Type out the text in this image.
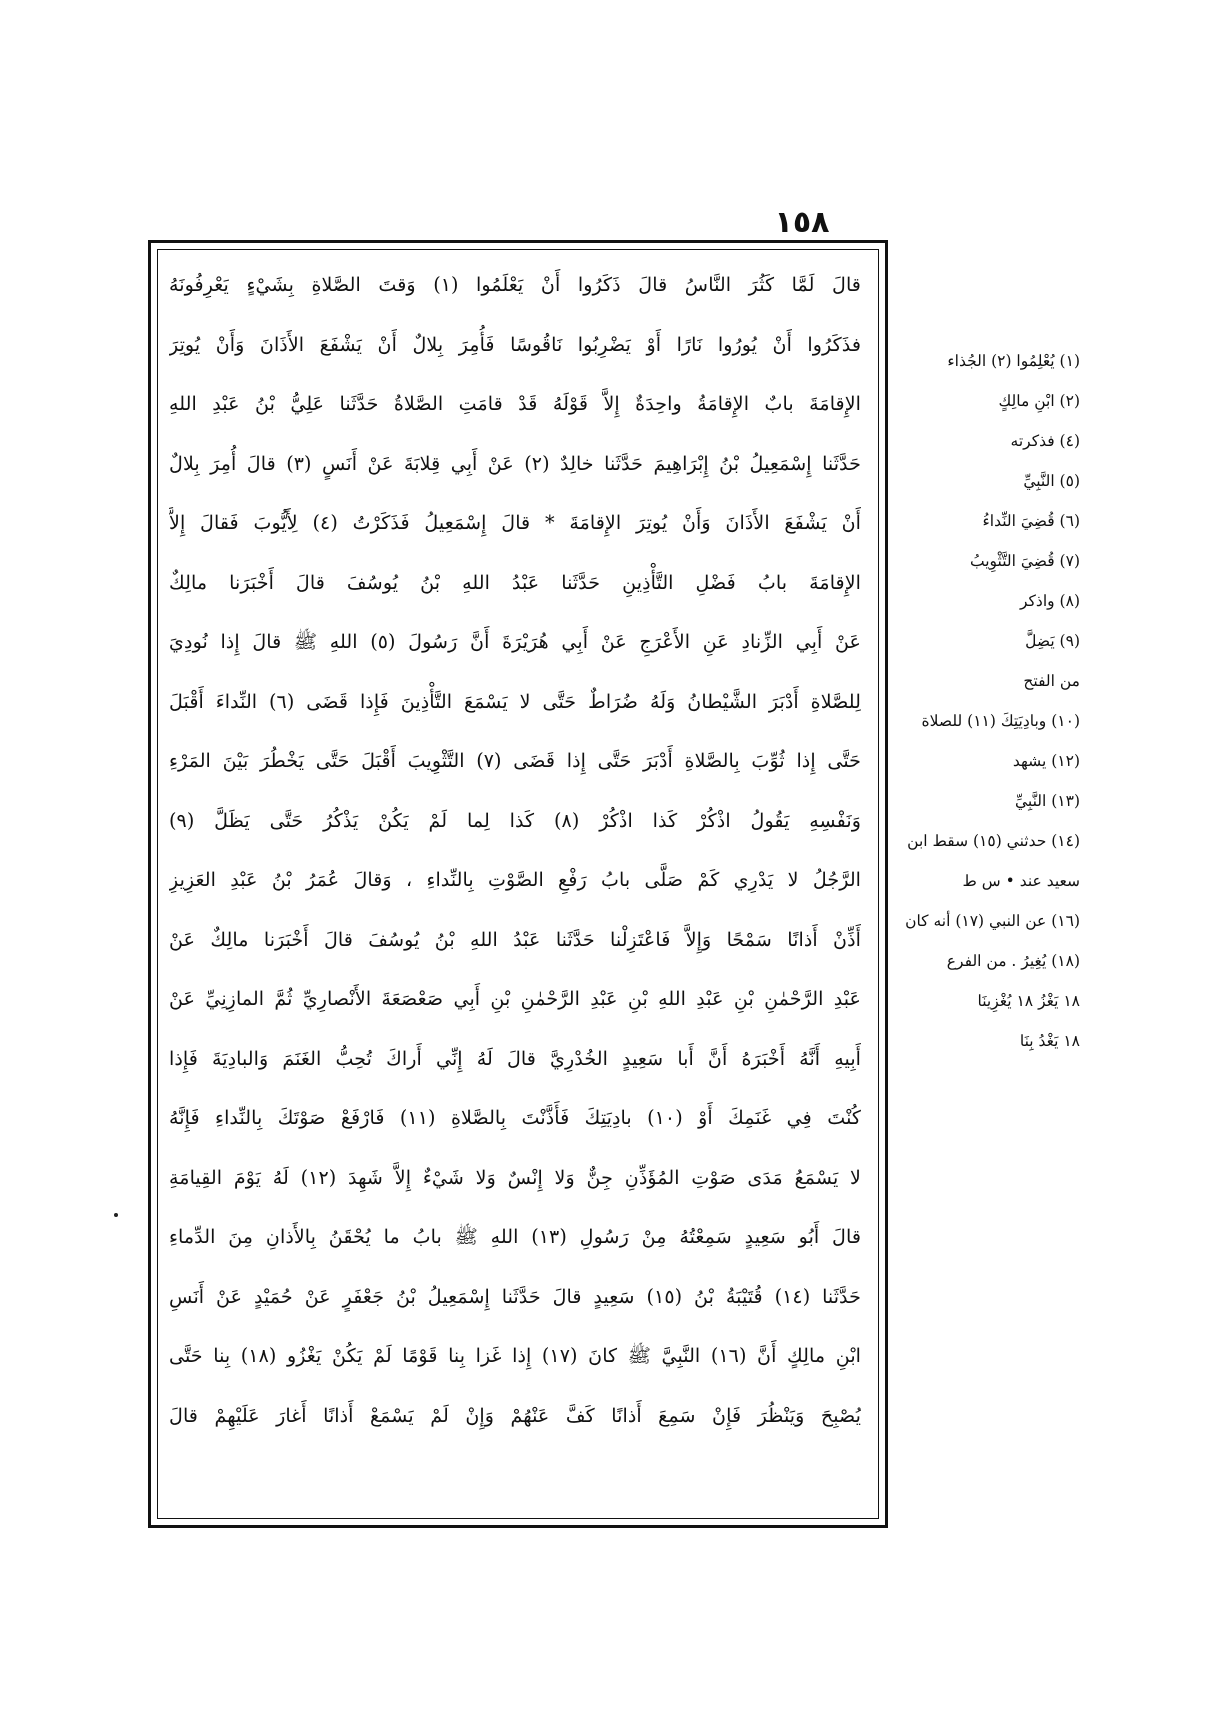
١٥٨
قالَ لَمَّا كَثُرَ النَّاسُ قالَ ذَكَرُوا أَنْ يَعْلَمُوا (١) وَقتَ الصَّلاةِ بِشَيْءٍ يَعْرِفُونَهُ
فذَكَرُوا أَنْ يُورُوا نَارًا أَوْ يَضْرِبُوا نَاقُوسًا فَأُمِرَ بِلالٌ أَنْ يَشْفَعَ الأَذَانَ وَأَنْ يُوتِرَ
الإِقامَةَ بابٌ الإِقامَةُ واحِدَةٌ إِلاَّ قَوْلَهُ قَدْ قامَتِ الصَّلاةُ حَدَّثَنا عَلِيُّ بْنُ عَبْدِ اللهِ
حَدَّثَنا إِسْمَعِيلُ بْنُ إِبْرَاهِيمَ حَدَّثَنا خالِدٌ (٢) عَنْ أَبِي قِلابَةَ عَنْ أَنَسٍ (٣) قالَ أُمِرَ بِلالٌ
أَنْ يَشْفَعَ الأَذَانَ وَأَنْ يُوتِرَ الإِقامَةَ * قالَ إِسْمَعِيلُ فَذَكَرْتُ (٤) لِأَيُّوبَ فَقالَ إِلاَّ
الإِقامَةَ بابُ فَضْلِ التَّأْذِينِ حَدَّثَنا عَبْدُ اللهِ بْنُ يُوسُفَ قالَ أَخْبَرَنا مالِكٌ
عَنْ أَبِي الزِّنادِ عَنِ الأَعْرَجِ عَنْ أَبِي هُرَيْرَةَ أَنَّ رَسُولَ (٥) اللهِ ﷺ قالَ إِذا نُودِيَ
لِلصَّلاةِ أَدْبَرَ الشَّيْطانُ وَلَهُ ضُرَاطٌ حَتَّى لا يَسْمَعَ التَّأْذِينَ فَإِذا قَضَى (٦) النِّداءَ أَقْبَلَ
حَتَّى إِذا ثُوِّبَ بِالصَّلاةِ أَدْبَرَ حَتَّى إِذا قَضَى (٧) التَّثْوِيبَ أَقْبَلَ حَتَّى يَخْطُرَ بَيْنَ المَرْءِ
وَنَفْسِهِ يَقُولُ اذْكُرْ كَذا اذْكُرْ (٨) كَذا لِما لَمْ يَكُنْ يَذْكُرُ حَتَّى يَظَلَّ (٩)
الرَّجُلُ لا يَدْرِي كَمْ صَلَّى بابُ رَفْعِ الصَّوْتِ بِالنِّداءِ ، وَقالَ عُمَرُ بْنُ عَبْدِ العَزِيزِ
أَذِّنْ أَذانًا سَمْحًا وَإِلاَّ فَاعْتَزِلْنا حَدَّثَنا عَبْدُ اللهِ بْنُ يُوسُفَ قالَ أَخْبَرَنا مالِكٌ عَنْ
عَبْدِ الرَّحْمٰنِ بْنِ عَبْدِ اللهِ بْنِ عَبْدِ الرَّحْمٰنِ بْنِ أَبِي صَعْصَعَةَ الأَنْصارِيِّ ثُمَّ المازِنِيِّ عَنْ
أَبِيهِ أَنَّهُ أَخْبَرَهُ أَنَّ أَبا سَعِيدٍ الخُدْرِيَّ قالَ لَهُ إِنِّي أَراكَ تُحِبُّ الغَنَمَ وَالبادِيَةَ فَإِذا
كُنْتَ فِي غَنَمِكَ أَوْ (١٠) بادِيَتِكَ فَأَذَّنْتَ بِالصَّلاةِ (١١) فَارْفَعْ صَوْتَكَ بِالنِّداءِ فَإِنَّهُ
لا يَسْمَعُ مَدَى صَوْتِ المُؤَذِّنِ جِنٌّ وَلا إِنْسٌ وَلا شَيْءٌ إِلاَّ شَهِدَ (١٢) لَهُ يَوْمَ القِيامَةِ
قالَ أَبُو سَعِيدٍ سَمِعْتُهُ مِنْ رَسُولِ (١٣) اللهِ ﷺ بابُ ما يُحْقَنُ بِالأَذانِ مِنَ الدِّماءِ
حَدَّثَنا (١٤) قُتَيْبَةُ بْنُ (١٥) سَعِيدٍ قالَ حَدَّثَنا إِسْمَعِيلُ بْنُ جَعْفَرٍ عَنْ حُمَيْدٍ عَنْ أَنَسِ
ابْنِ مالِكٍ أَنَّ (١٦) النَّبِيَّ ﷺ كانَ (١٧) إِذا غَزا بِنا قَوْمًا لَمْ يَكُنْ يَغْزُو (١٨) بِنا حَتَّى
يُصْبِحَ وَيَنْظُرَ فَإِنْ سَمِعَ أَذانًا كَفَّ عَنْهُمْ وَإِنْ لَمْ يَسْمَعْ أَذانًا أَغارَ عَلَيْهِمْ قالَ
(١) يُعْلِمُوا (٢) الجُذاء
(٢) ابْنِ مالِكٍ
(٤) فذكرته
(٥) النَّبِيِّ
(٦) قُضِيَ النِّداءُ
(٧) قُضِيَ التَّثْوِيبُ
(٨) واذكر
(٩) يَضِلَّ
من الفتح
(١٠) وبادِيَتِكَ (١١) للصلاة
(١٢) يشهد
(١٣) النَّبِيِّ
(١٤) حدثني (١٥) سقط ابن
سعيد عند • س ط
(١٦) عن النبي (١٧) أنه كان
(١٨) يُغِيرُ . من الفرع
١٨ يَغْزُ ١٨ يُغْزِينَا
١٨ يَغْدُ بِنَا
